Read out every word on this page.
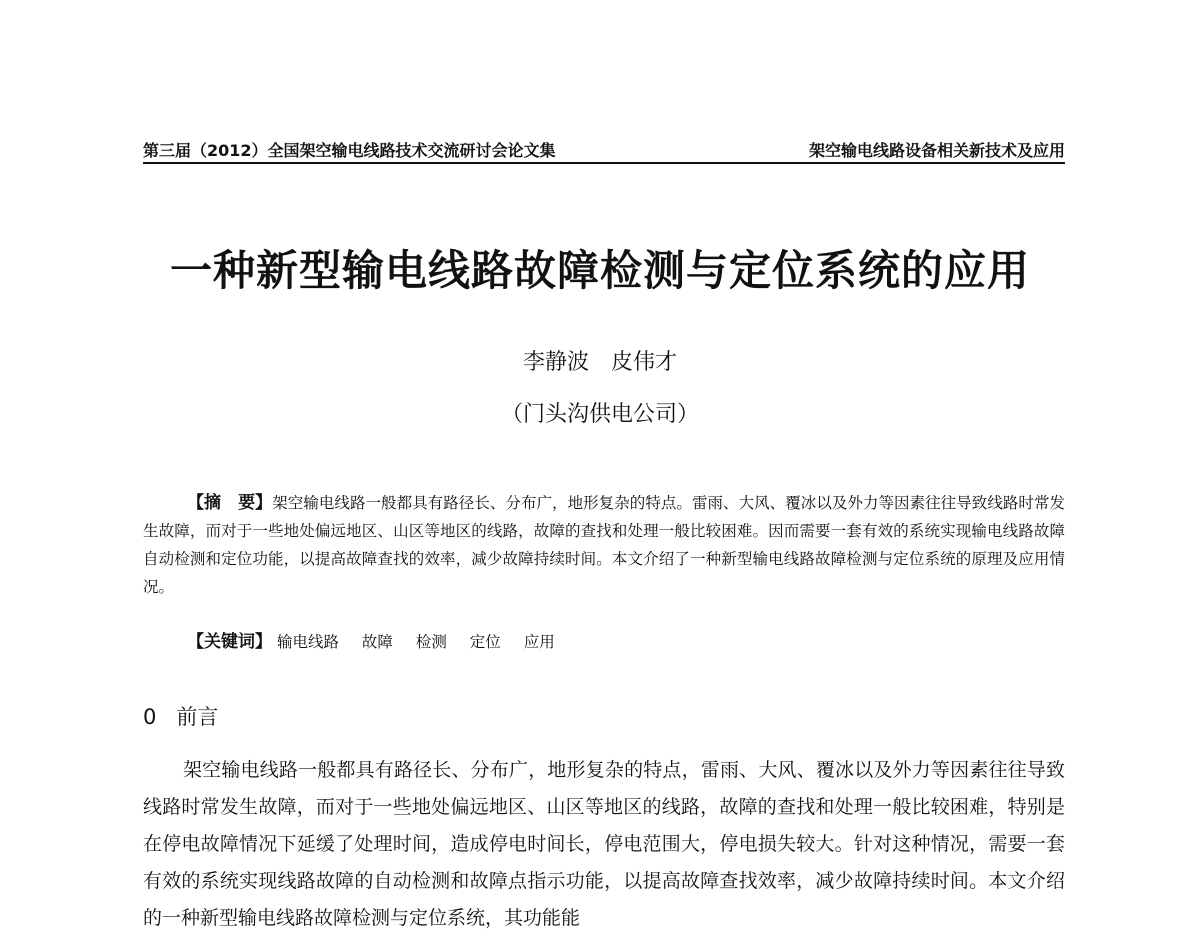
第三届（2012）全国架空输电线路技术交流研讨会论文集	架空输电线路设备相关新技术及应用
一种新型输电线路故障检测与定位系统的应用
李静波 皮伟才
（门头沟供电公司）
【摘　要】架空输电线路一般都具有路径长、分布广，地形复杂的特点。雷雨、大风、覆冰以及外力等因素往往导致线路时常发生故障，而对于一些地处偏远地区、山区等地区的线路，故障的查找和处理一般比较困难。因而需要一套有效的系统实现输电线路故障自动检测和定位功能，以提高故障查找的效率，减少故障持续时间。本文介绍了一种新型输电线路故障检测与定位系统的原理及应用情况。
【关键词】 输电线路 故障 检测 定位 应用
0 前言
架空输电线路一般都具有路径长、分布广，地形复杂的特点，雷雨、大风、覆冰以及外力等因素往往导致线路时常发生故障，而对于一些地处偏远地区、山区等地区的线路，故障的查找和处理一般比较困难，特别是在停电故障情况下延缓了处理时间，造成停电时间长，停电范围大，停电损失较大。针对这种情况，需要一套有效的系统实现线路故障的自动检测和故障点指示功能，以提高故障查找效率，减少故障持续时间。本文介绍的一种新型输电线路故障检测与定位系统，其功能能
